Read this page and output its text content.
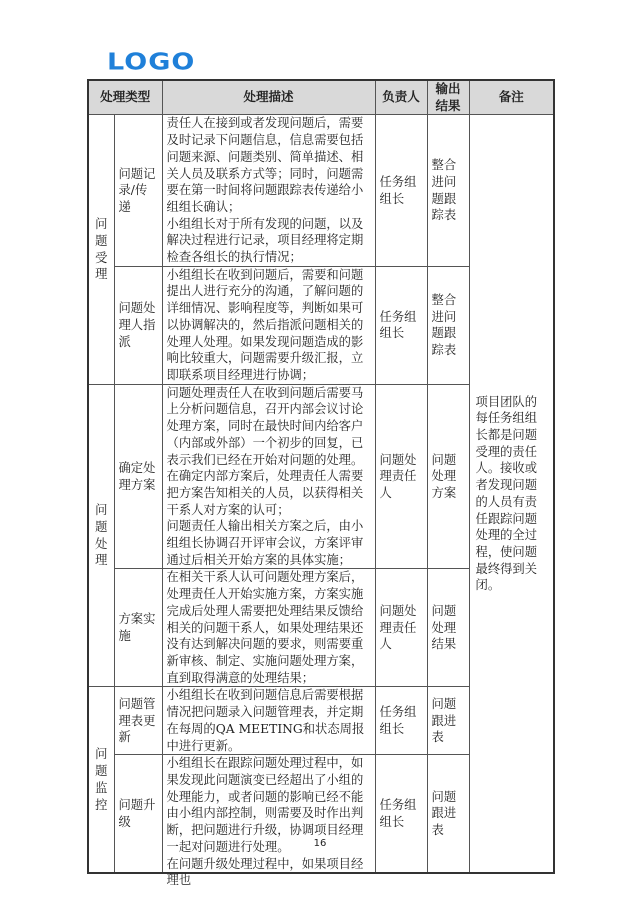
LOGO
处理类型		处理描述	负责人	输出结果	备注

问题受理	问题记录/传递	责任人在接到或者发现问题后，需要及时记录下问题信息，信息需要包括问题来源、问题类别、简单描述、相关人员及联系方式等；同时，问题需要在第一时间将问题跟踪表传递给小组组长确认；
小组组长对于所有发现的问题，以及解决过程进行记录，项目经理将定期检查各组长的执行情况；	任务组组长	整合进问题跟踪表	项目团队的每任务组组长都是问题受理的责任人。接收或者发现问题的人员有责任跟踪问题处理的全过程，使问题最终得到关闭。
	问题处理人指派	小组组长在收到问题后，需要和问题提出人进行充分的沟通，了解问题的详细情况、影响程度等，判断如果可以协调解决的，然后指派问题相关的处理人处理。如果发现问题造成的影响比较重大，问题需要升级汇报，立即联系项目经理进行协调；	任务组组长	整合进问题跟踪表	

问题处理	确定处理方案	问题处理责任人在收到问题后需要马上分析问题信息，召开内部会议讨论处理方案，同时在最快时间内给客户（内部或外部）一个初步的回复，已表示我们已经在开始对问题的处理。在确定内部方案后，处理责任人需要把方案告知相关的人员，以获得相关干系人对方案的认可；
问题责任人输出相关方案之后，由小组组长协调召开评审会议，方案评审通过后相关开始方案的具体实施；	问题处理责任人	问题处理方案	
	方案实施	在相关干系人认可问题处理方案后，处理责任人开始实施方案，方案实施完成后处理人需要把处理结果反馈给相关的问题干系人，如果处理结果还没有达到解决问题的要求，则需要重新审核、制定、实施问题处理方案，直到取得满意的处理结果；	问题处理责任人	问题处理结果	

问题监控	问题管理表更新	小组组长在收到问题信息后需要根据情况把问题录入问题管理表，并定期在每周的QA MEETING和状态周报中进行更新。	任务组组长	问题跟进表	
	问题升级	小组组长在跟踪问题处理过程中，如果发现此问题演变已经超出了小组的处理能力，或者问题的影响已经不能由小组内部控制，则需要及时作出判断，把问题进行升级，协调项目经理一起对问题进行处理。
在问题升级处理过程中，如果项目经理也	任务组组长	问题跟进表	
16
